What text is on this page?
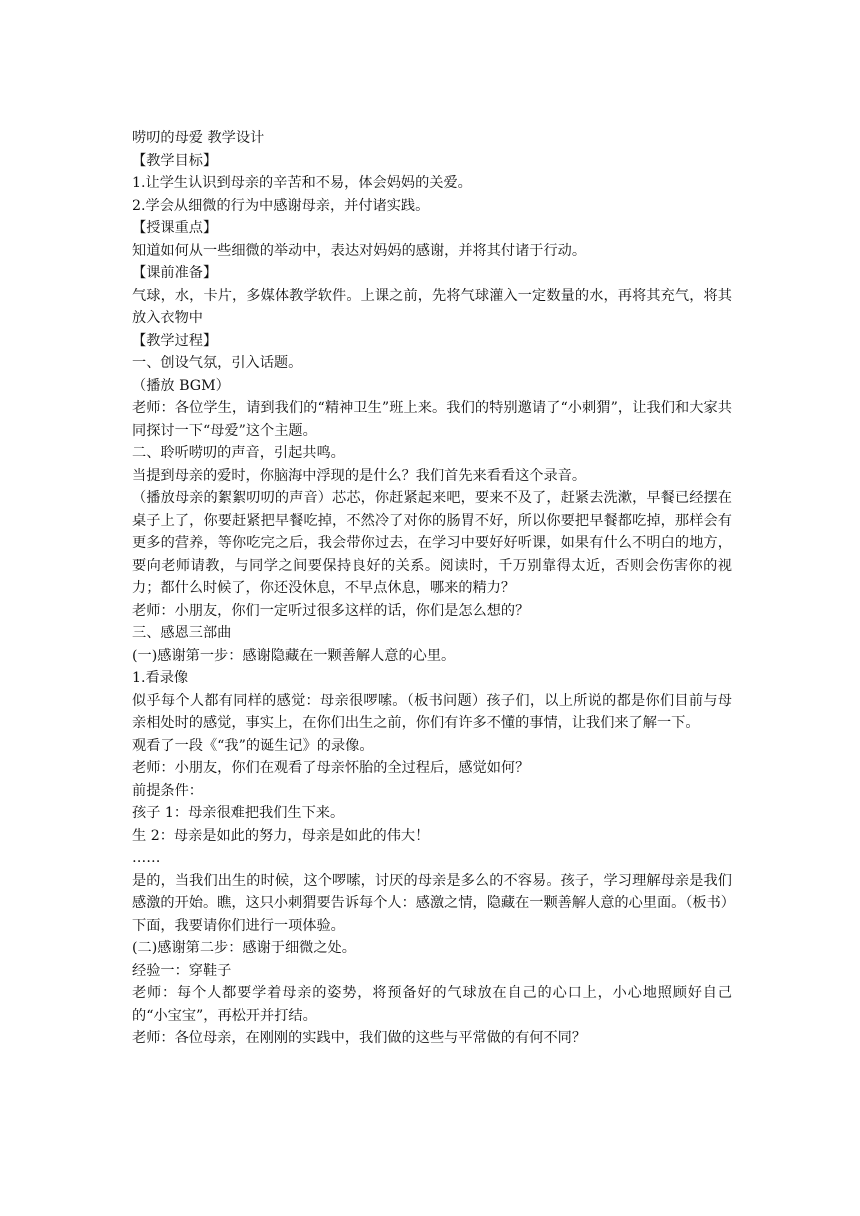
唠叨的母爱 教学设计

【教学目标】

1.让学生认识到母亲的辛苦和不易，体会妈妈的关爱。

2.学会从细微的行为中感谢母亲，并付诸实践。

【授课重点】

知道如何从一些细微的举动中，表达对妈妈的感谢，并将其付诸于行动。

【课前准备】

气球，水，卡片，多媒体教学软件。上课之前，先将气球灌入一定数量的水，再将其充气，将其放入衣物中

【教学过程】

一、创设气氛，引入话题。

（播放 BGM）

老师：各位学生，请到我们的“精神卫生”班上来。我们的特别邀请了“小刺猬”，让我们和大家共同探讨一下“母爱”这个主题。

二、聆听唠叨的声音，引起共鸣。

当提到母亲的爱时，你脑海中浮现的是什么？我们首先来看看这个录音。

（播放母亲的絮絮叨叨的声音）芯芯，你赶紧起来吧，要来不及了，赶紧去洗漱，早餐已经摆在桌子上了，你要赶紧把早餐吃掉，不然冷了对你的肠胃不好，所以你要把早餐都吃掉，那样会有更多的营养，等你吃完之后，我会带你过去，在学习中要好好听课，如果有什么不明白的地方，要向老师请教，与同学之间要保持良好的关系。阅读时，千万别靠得太近，否则会伤害你的视力；都什么时候了，你还没休息，不早点休息，哪来的精力？

老师：小朋友，你们一定听过很多这样的话，你们是怎么想的？

三、感恩三部曲

(一)感谢第一步：感谢隐藏在一颗善解人意的心里。

1.看录像

似乎每个人都有同样的感觉：母亲很啰嗦。（板书问题）孩子们，以上所说的都是你们目前与母亲相处时的感觉，事实上，在你们出生之前，你们有许多不懂的事情，让我们来了解一下。

观看了一段《“我”的诞生记》的录像。

老师：小朋友，你们在观看了母亲怀胎的全过程后，感觉如何？

前提条件：

孩子 1：母亲很难把我们生下来。

生 2：母亲是如此的努力，母亲是如此的伟大！

……

是的，当我们出生的时候，这个啰嗦，讨厌的母亲是多么的不容易。孩子，学习理解母亲是我们感激的开始。瞧，这只小刺猬要告诉每个人：感激之情，隐藏在一颗善解人意的心里面。（板书）

下面，我要请你们进行一项体验。

(二)感谢第二步：感谢于细微之处。

经验一：穿鞋子

老师：每个人都要学着母亲的姿势，将预备好的气球放在自己的心口上，小心地照顾好自己的“小宝宝”，再松开并打结。

老师：各位母亲，在刚刚的实践中，我们做的这些与平常做的有何不同？
